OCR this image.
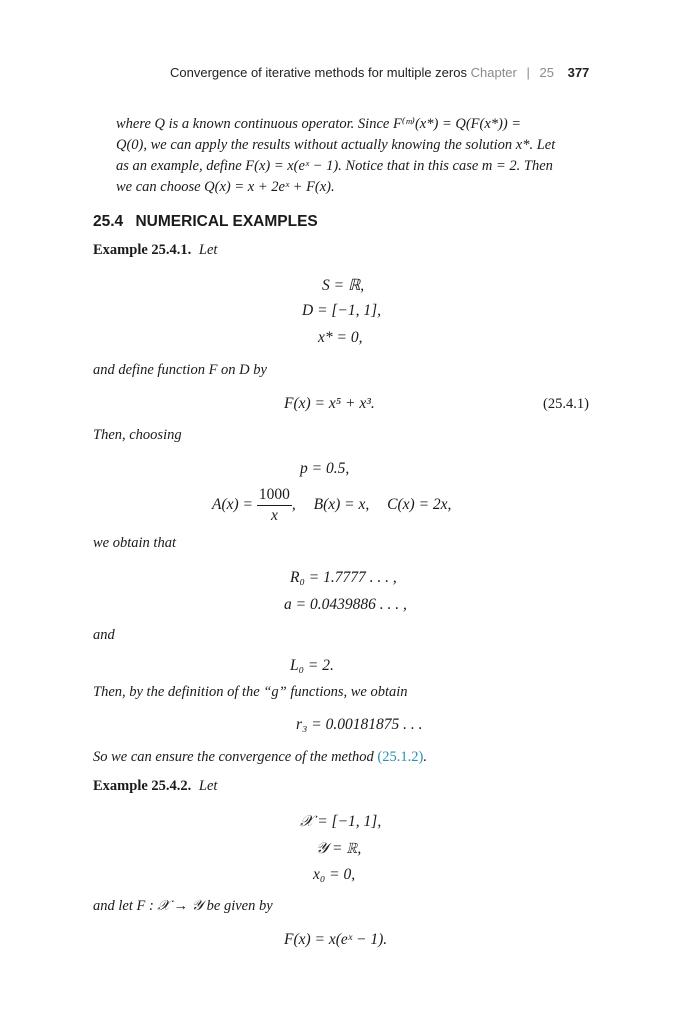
Convergence of iterative methods for multiple zeros Chapter | 25 377
where Q is a known continuous operator. Since F⁽ᵐ⁾(x*) = Q(F(x*)) =
Q(0), we can apply the results without actually knowing the solution x*. Let
as an example, define F(x) = x(eˣ − 1). Notice that in this case m = 2. Then
we can choose Q(x) = x + 2eˣ + F(x).
25.4 NUMERICAL EXAMPLES
Example 25.4.1. Let
S = ℝ,
D = [−1, 1],
x* = 0,
and define function F on D by
F(x) = x⁵ + x³.	(25.4.1)
Then, choosing
p = 0.5,
$A(x) = \frac{1000}{x}$ , B(x) = x, C(x) = 2x,
we obtain that
R₀ = 1.7777 . . . ,
a = 0.0439886 . . . ,
and
L₀ = 2.
Then, by the definition of the “g” functions, we obtain
r₃ = 0.00181875 . . .
So we can ensure the convergence of the method (25.1.2).
Example 25.4.2. Let
𝒳 = [−1, 1],
𝒴 = ℝ,
x₀ = 0,
and let F : 𝒳 → 𝒴 be given by
F(x) = x(eˣ − 1).
